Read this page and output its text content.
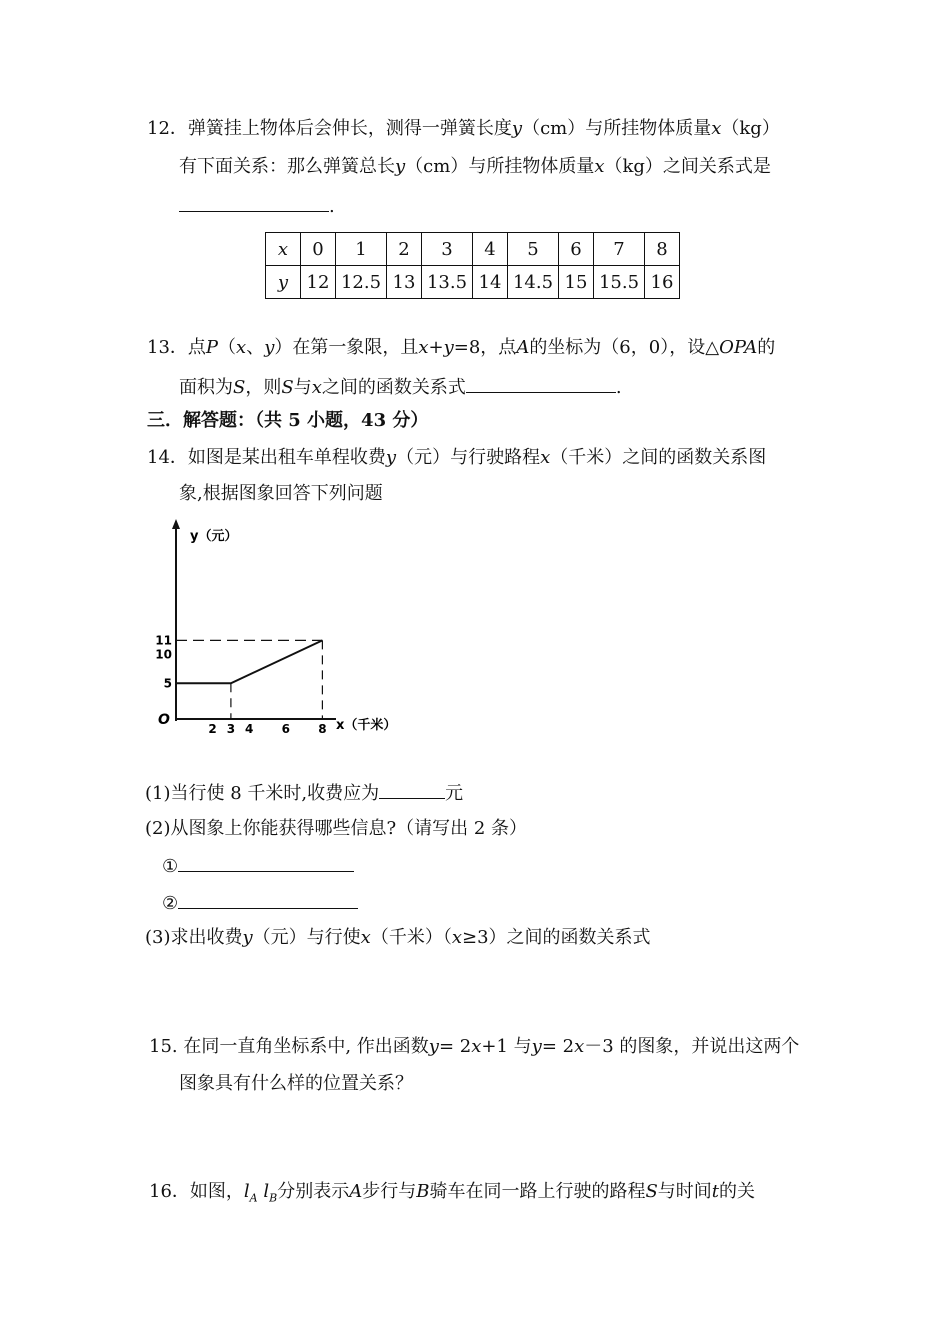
12．弹簧挂上物体后会伸长，测得一弹簧长度y（cm）与所挂物体质量x（kg）
有下面关系：那么弹簧总长y（cm）与所挂物体质量x（kg）之间关系式是
.
x	0	1	2	3	4	5	6	7	8
y	12	12.5	13	13.5	14	14.5	15	15.5	16
13．点P（x、y）在第一象限，且x+y=8，点A的坐标为（6，0），设△OPA的
面积为S，则S与x之间的函数关系式	.
三．解答题：（共 5 小题，43 分）
14．如图是某出租车单程收费y（元）与行驶路程x（千米）之间的函数关系图
象,根据图象回答下列问题
y（元）
O	x（千米）
2 3 4 6 8
5
10
11
(1)当行使 8 千米时,收费应为	元
(2)从图象上你能获得哪些信息?（请写出 2 条）
①
②
(3)求出收费y（元）与行使x（千米）（x≥3）之间的函数关系式
15. 在同一直角坐标系中, 作出函数y= 2x+1 与y= 2x－3 的图象，并说出这两个
图象具有什么样的位置关系？
16．如图，$l_A$ $l_B$分别表示A步行与B骑车在同一路上行驶的路程S与时间t的关
